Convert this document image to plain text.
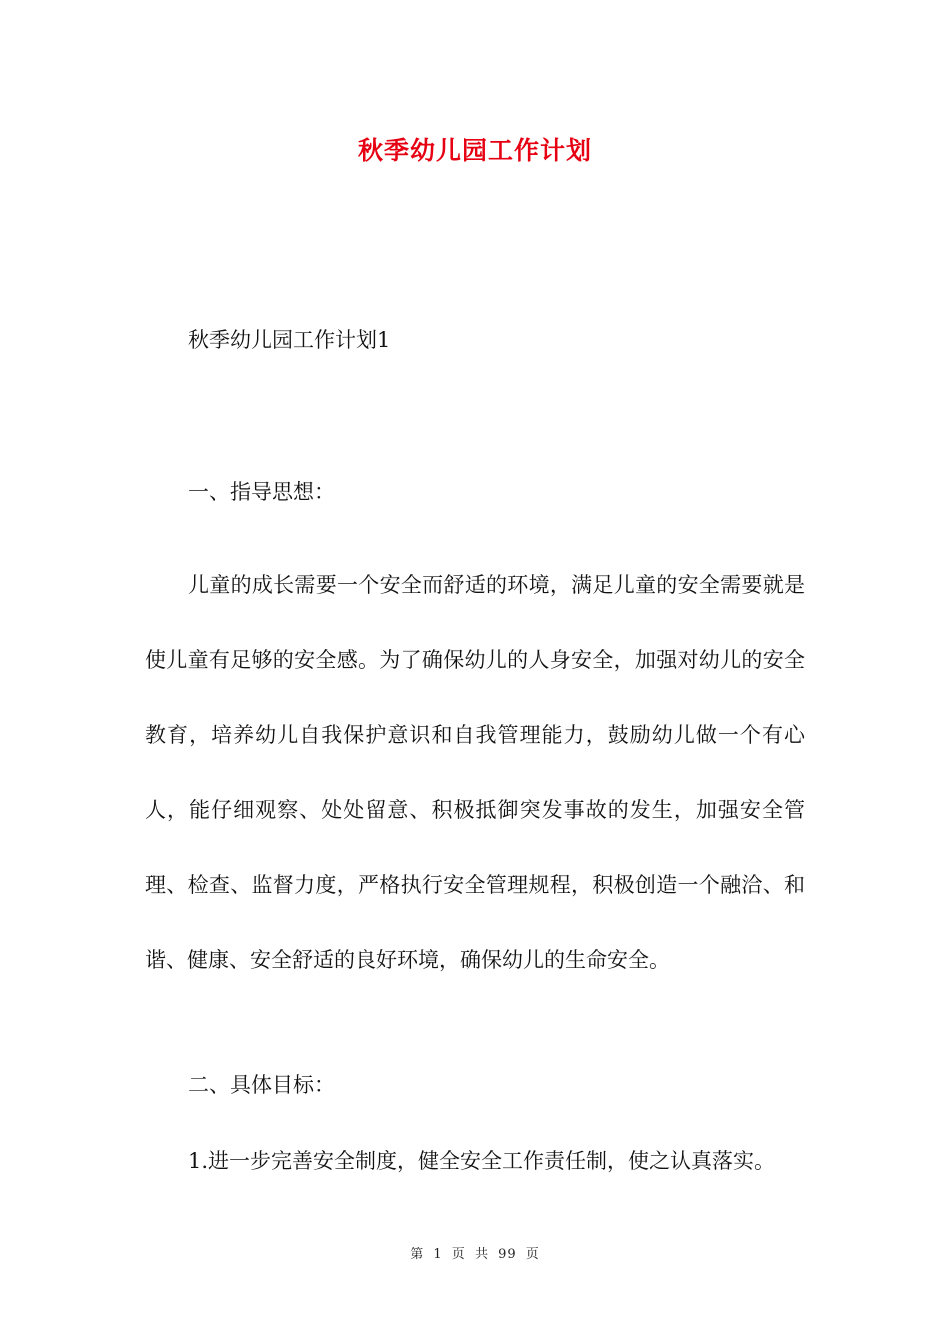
秋季幼儿园工作计划
秋季幼儿园工作计划1
一、指导思想：

儿童的成长需要一个安全而舒适的环境，满足儿童的安全需要就是使儿童有足够的安全感。为了确保幼儿的人身安全，加强对幼儿的安全教育，培养幼儿自我保护意识和自我管理能力，鼓励幼儿做一个有心人，能仔细观察、处处留意、积极抵御突发事故的发生，加强安全管理、检查、监督力度，严格执行安全管理规程，积极创造一个融洽、和谐、健康、安全舒适的良好环境，确保幼儿的生命安全。

二、具体目标：
1.进一步完善安全制度，健全安全工作责任制，使之认真落实。
第 1 页 共 99 页
